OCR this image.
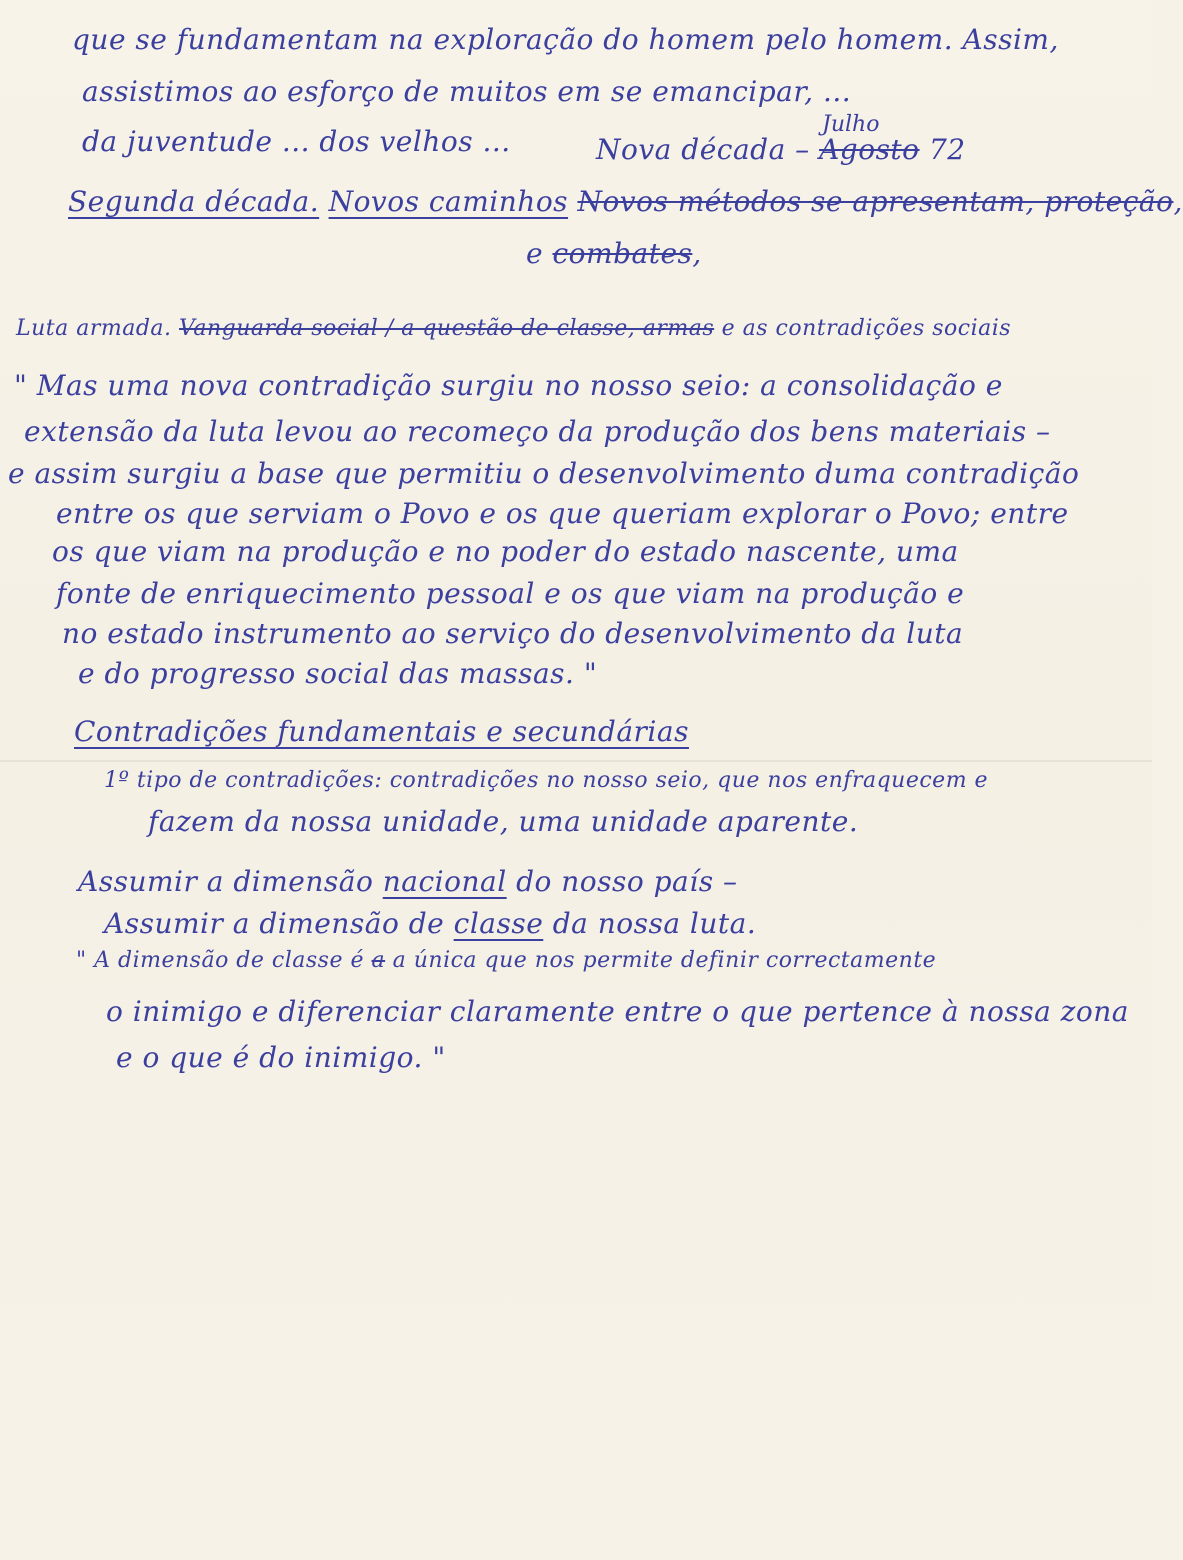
que se fundamentam na exploração do homem pelo homem. Assim,

assistimos ao esforço de muitos em se emancipar, ...

da juventude ... dos velhos ...	Nova década – Agosto 72

Julho

Segunda década. Novos caminhos Novos métodos se apresentam, proteção,

e combates,

Luta armada. Vanguarda social / a questão de classe, armas e as contradições sociais

" Mas uma nova contradição surgiu no nosso seio: a consolidação e

extensão da luta levou ao recomeço da produção dos bens materiais –

e assim surgiu a base que permitiu o desenvolvimento duma contradição

entre os que serviam o Povo e os que queriam explorar o Povo; entre

os que viam na produção e no poder do estado nascente, uma

fonte de enriquecimento pessoal e os que viam na produção e

no estado instrumento ao serviço do desenvolvimento da luta

e do progresso social das massas. "

Contradições fundamentais e secundárias

1º tipo de contradições: contradições no nosso seio, que nos enfraquecem e

fazem da nossa unidade, uma unidade aparente.

Assumir a dimensão nacional do nosso país –

Assumir a dimensão de classe da nossa luta.

" A dimensão de classe é a a única que nos permite definir correctamente

o inimigo e diferenciar claramente entre o que pertence à nossa zona

e o que é do inimigo. "
